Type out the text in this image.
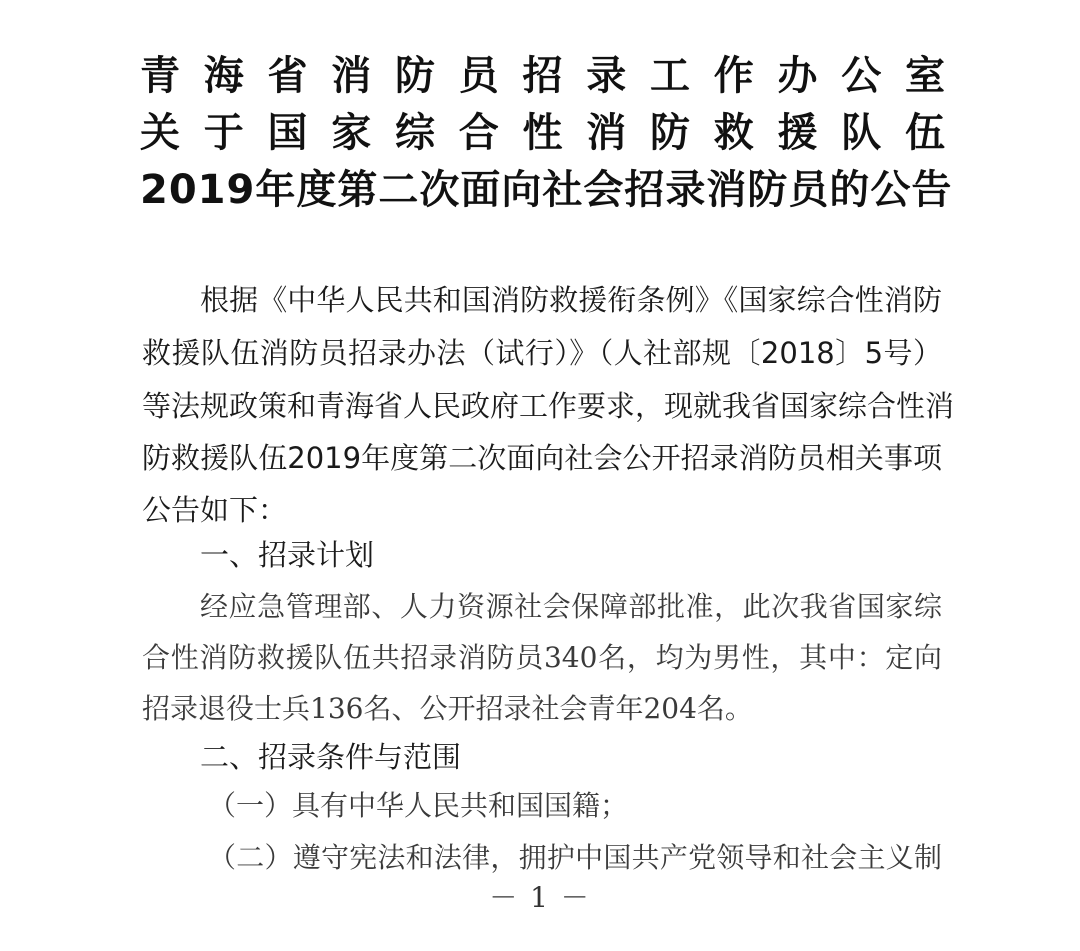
青海省消防员招录工作办公室
关于国家综合性消防救援队伍
2019年度第二次面向社会招录消防员的公告
根据《中华人民共和国消防救援衔条例》《国家综合性消防
救援队伍消防员招录办法（试行）》（人社部规〔2018〕5号）
等法规政策和青海省人民政府工作要求，现就我省国家综合性消
防救援队伍2019年度第二次面向社会公开招录消防员相关事项
公告如下：
一、招录计划
经应急管理部、人力资源社会保障部批准，此次我省国家综
合性消防救援队伍共招录消防员340名，均为男性，其中：定向
招录退役士兵136名、公开招录社会青年204名。
二、招录条件与范围
（一）具有中华人民共和国国籍；
（二）遵守宪法和法律，拥护中国共产党领导和社会主义制
－ 1 －
